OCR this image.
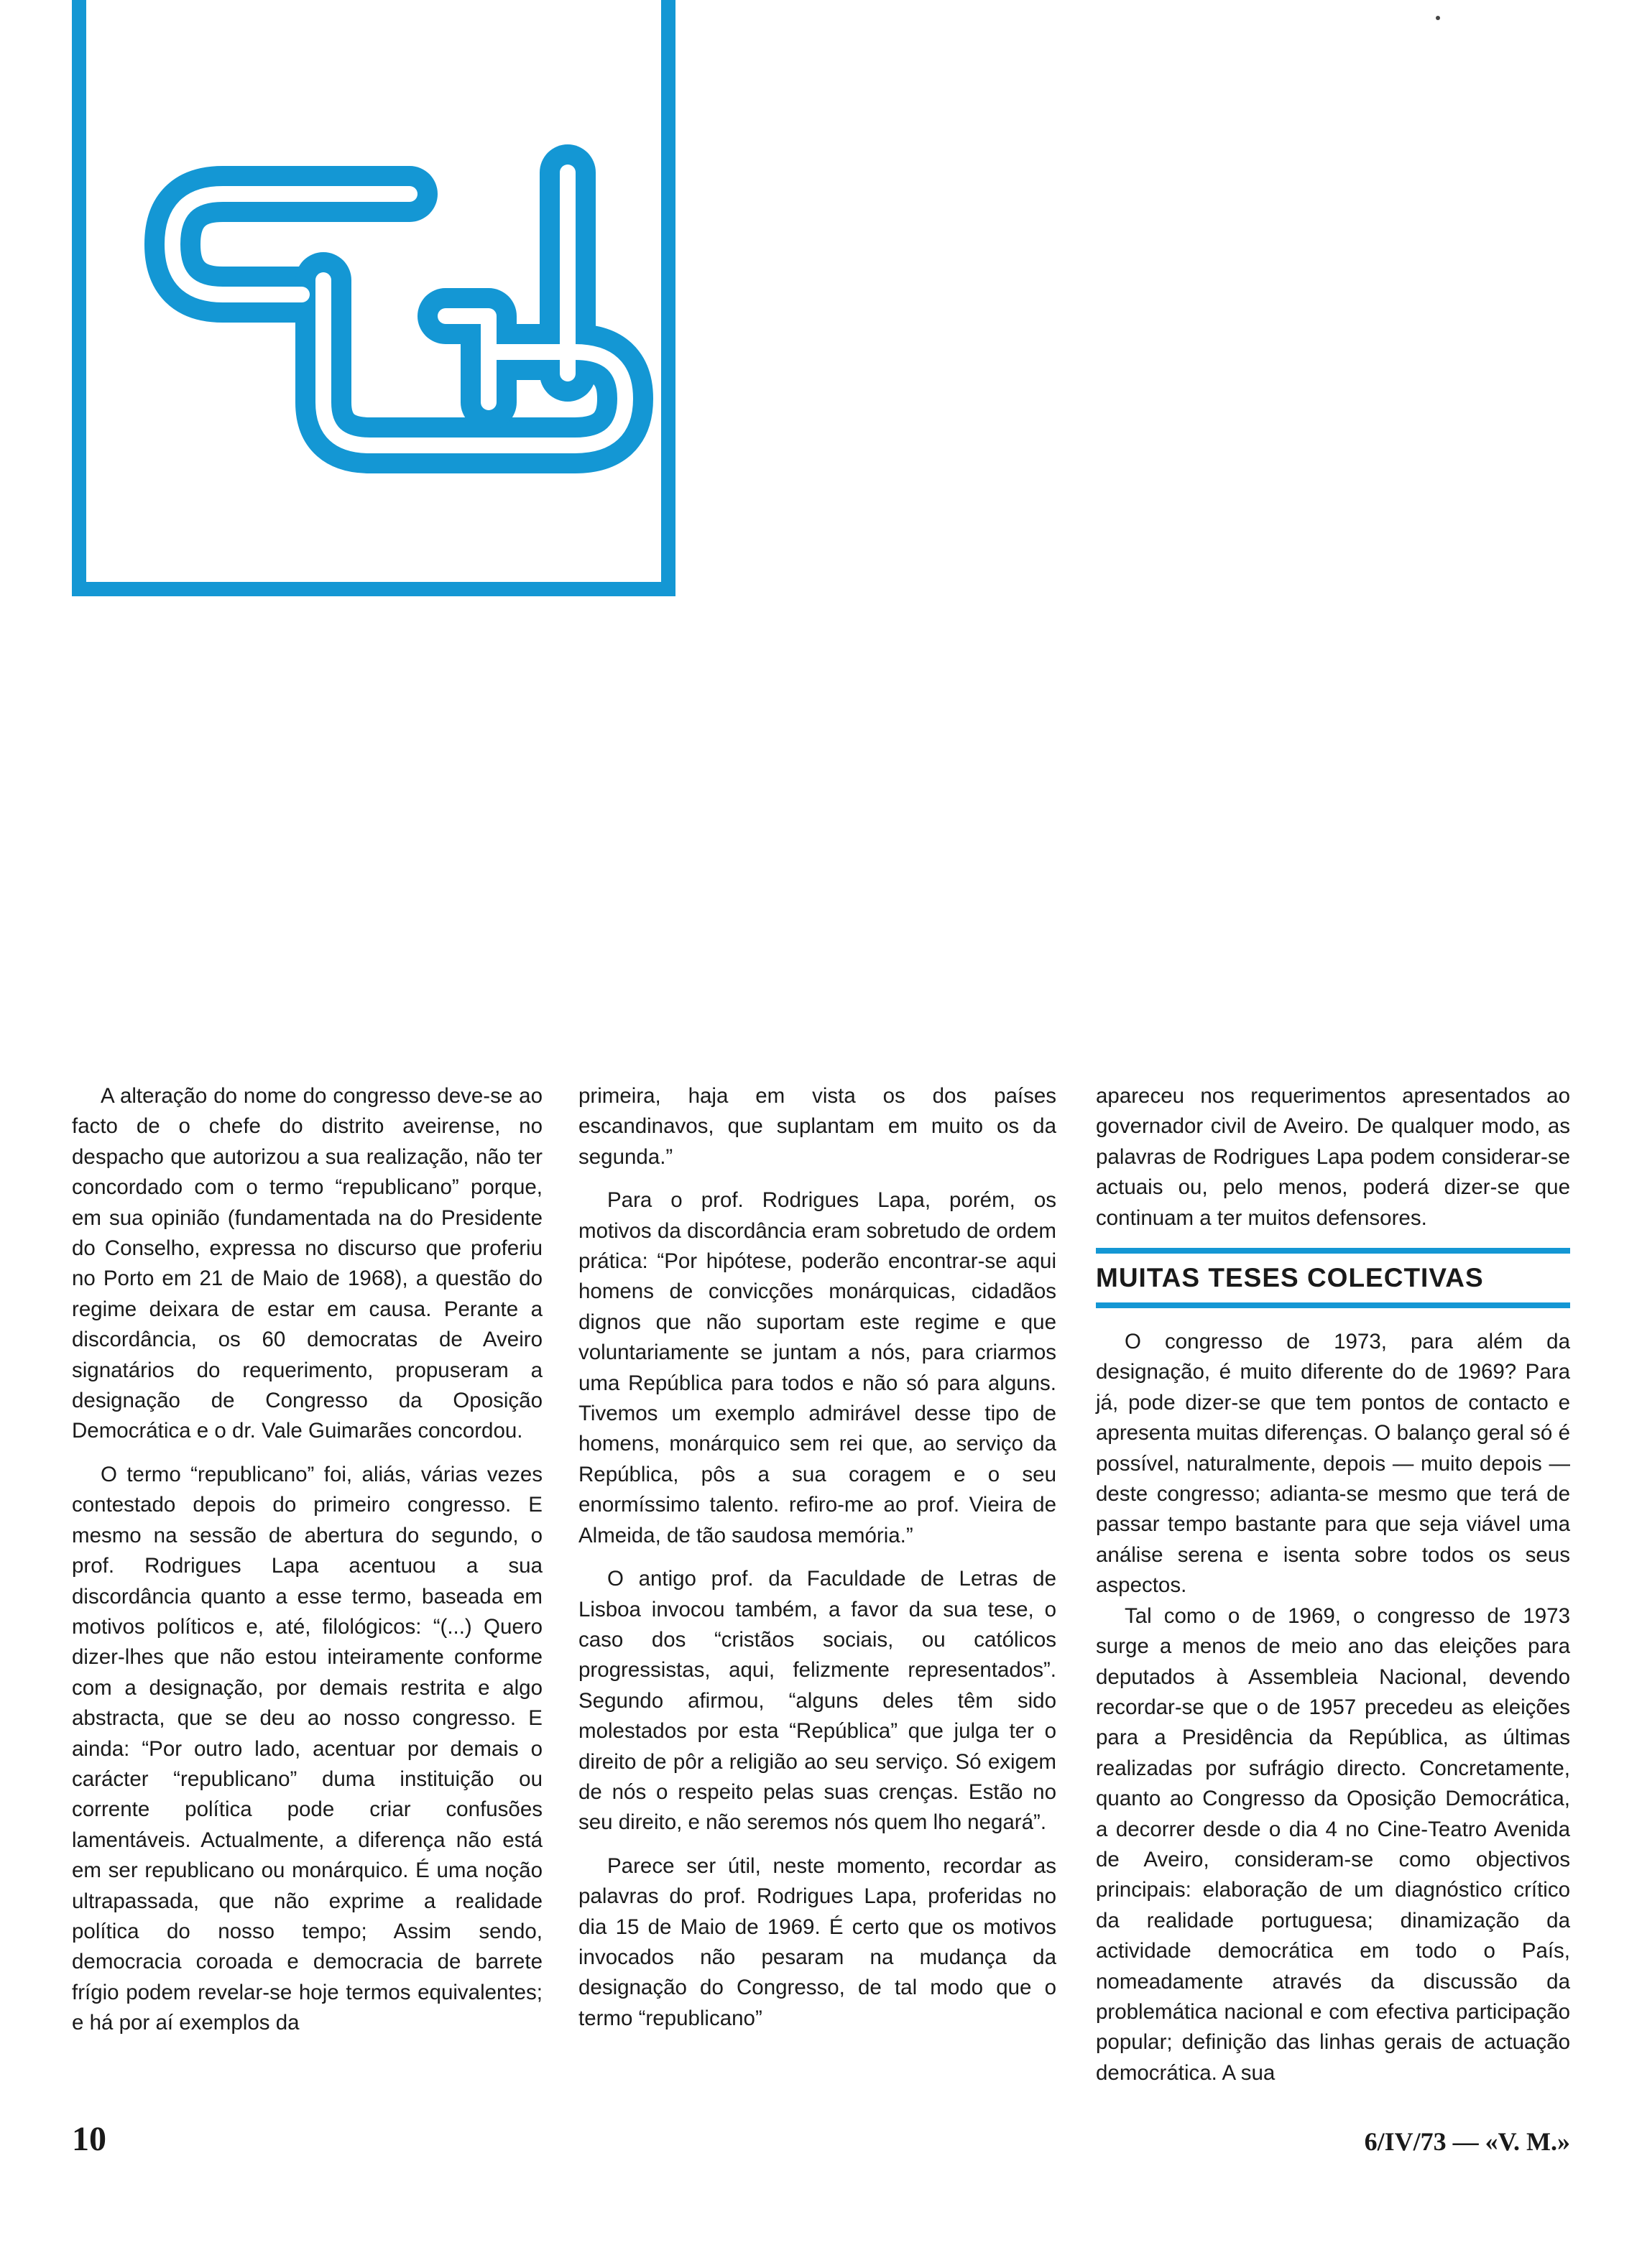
A alteração do nome do congresso deve-se ao facto de o chefe do distrito aveirense, no despacho que autorizou a sua realização, não ter concordado com o termo “republicano” porque, em sua opinião (fundamentada na do Presidente do Conselho, expressa no discurso que proferiu no Porto em 21 de Maio de 1968), a questão do regime deixara de estar em causa. Perante a discordância, os 60 democratas de Aveiro signatários do requerimento, propuseram a designação de Congresso da Oposição Democrática e o dr. Vale Guimarães concordou.

O termo “republicano” foi, aliás, várias vezes contestado depois do primeiro congresso. E mesmo na sessão de abertura do segundo, o prof. Rodrigues Lapa acentuou a sua discordância quanto a esse termo, baseada em motivos políticos e, até, filológicos: “(...) Quero dizer-lhes que não estou inteiramente conforme com a designação, por demais restrita e algo abstracta, que se deu ao nosso congresso. E ainda: “Por outro lado, acentuar por demais o carácter “republicano” duma instituição ou corrente política pode criar confusões lamentáveis. Actualmente, a diferença não está em ser republicano ou monárquico. É uma noção ultrapassada, que não exprime a realidade política do nosso tempo; Assim sendo, democracia coroada e democracia de barrete frígio podem revelar-se hoje termos equivalentes; e há por aí exemplos da

primeira, haja em vista os dos países escandinavos, que suplantam em muito os da segunda.”

Para o prof. Rodrigues Lapa, porém, os motivos da discordância eram sobretudo de ordem prática: “Por hipótese, poderão encontrar-se aqui homens de convicções monárquicas, cidadãos dignos que não suportam este regime e que voluntariamente se juntam a nós, para criarmos uma República para todos e não só para alguns. Tivemos um exemplo admirável desse tipo de homens, monárquico sem rei que, ao serviço da República, pôs a sua coragem e o seu enormíssimo talento. refiro-me ao prof. Vieira de Almeida, de tão saudosa memória.”

O antigo prof. da Faculdade de Letras de Lisboa invocou também, a favor da sua tese, o caso dos “cristãos sociais, ou católicos progressistas, aqui, felizmente representados”. Segundo afirmou, “alguns deles têm sido molestados por esta “República” que julga ter o direito de pôr a religião ao seu serviço. Só exigem de nós o respeito pelas suas crenças. Estão no seu direito, e não seremos nós quem lho negará”.

Parece ser útil, neste momento, recordar as palavras do prof. Rodrigues Lapa, proferidas no dia 15 de Maio de 1969. É certo que os motivos invocados não pesaram na mudança da designação do Congresso, de tal modo que o termo “republicano”

apareceu nos requerimentos apresentados ao governador civil de Aveiro. De qualquer modo, as palavras de Rodrigues Lapa podem considerar-se actuais ou, pelo menos, poderá dizer-se que continuam a ter muitos defensores.

MUITAS TESES COLECTIVAS

O congresso de 1973, para além da designação, é muito diferente do de 1969? Para já, pode dizer-se que tem pontos de contacto e apresenta muitas diferenças. O balanço geral só é possível, naturalmente, depois — muito depois — deste congresso; adianta-se mesmo que terá de passar tempo bastante para que seja viável uma análise serena e isenta sobre todos os seus aspectos.

Tal como o de 1969, o congresso de 1973 surge a menos de meio ano das eleições para deputados à Assembleia Nacional, devendo recordar-se que o de 1957 precedeu as eleições para a Presidência da República, as últimas realizadas por sufrágio directo. Concretamente, quanto ao Congresso da Oposição Democrática, a decorrer desde o dia 4 no Cine-Teatro Avenida de Aveiro, consideram-se como objectivos principais: elaboração de um diagnóstico crítico da realidade portuguesa; dinamização da actividade democrática em todo o País, nomeadamente através da discussão da problemática nacional e com efectiva participação popular; definição das linhas gerais de actuação democrática. A sua

10	6/IV/73 — «V. M.»
